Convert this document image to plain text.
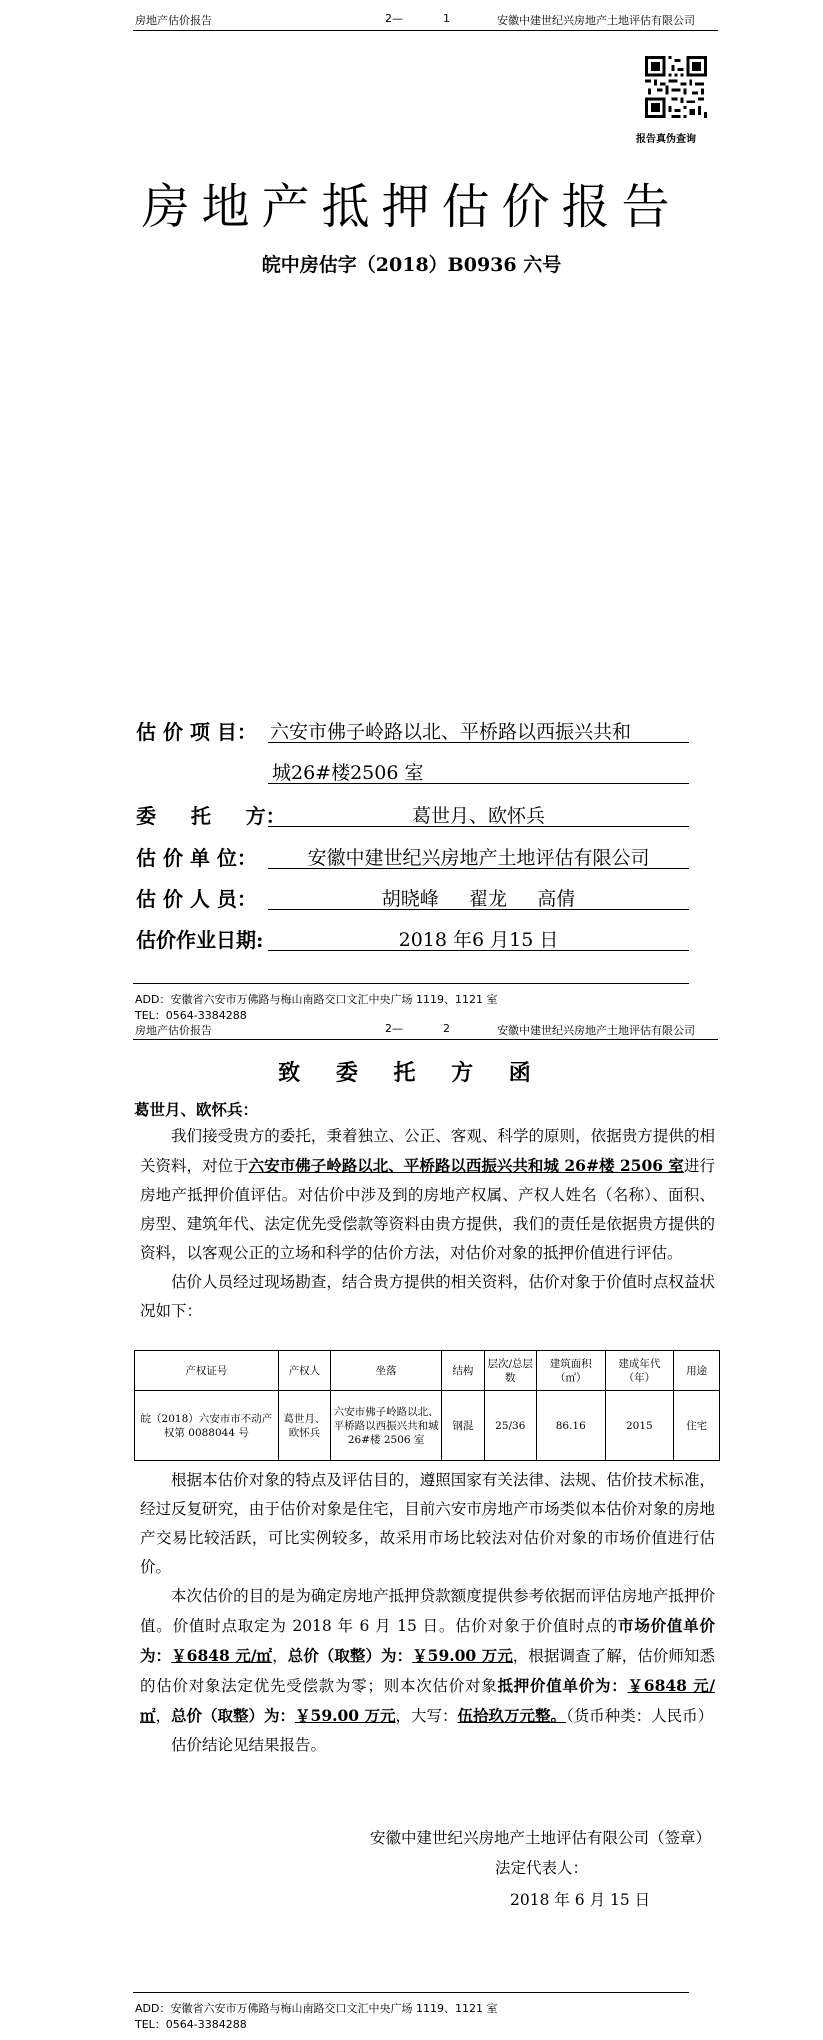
房地产估价报告	2—	1	安徽中建世纪兴房地产土地评估有限公司
报告真伪查询
房地产抵押估价报告
皖中房估字（2018）B0936 六号
估 价 项 目： 六安市佛子岭路以北、平桥路以西振兴共和
城26#楼2506 室
委     托     方：	葛世月、欧怀兵
估 价 单 位：	安徽中建世纪兴房地产土地评估有限公司
估 价 人 员：	胡晓峰     翟龙     高倩
估价作业日期:	2018 年6 月15 日
ADD：安徽省六安市万佛路与梅山南路交口文汇中央广场 1119、1121 室
TEL：0564-3384288
房地产估价报告	2—	2	安徽中建世纪兴房地产土地评估有限公司
致 委 托 方 函
葛世月、欧怀兵：

我们接受贵方的委托，秉着独立、公正、客观、科学的原则，依据贵方提供的相关资料，对位于六安市佛子岭路以北、平桥路以西振兴共和城 26#楼 2506 室进行房地产抵押价值评估。对估价中涉及到的房地产权属、产权人姓名（名称）、面积、房型、建筑年代、法定优先受偿款等资料由贵方提供，我们的责任是依据贵方提供的资料，以客观公正的立场和科学的估价方法，对估价对象的抵押价值进行评估。

估价人员经过现场勘查，结合贵方提供的相关资料，估价对象于价值时点权益状况如下：

产权证号	产权人	坐落	结构	层次/总层数	建筑面积（㎡）	建成年代（年）	用途
皖（2018）六安市市不动产权第 0088044 号	葛世月、欧怀兵	六安市佛子岭路以北、平桥路以西振兴共和城 26#楼 2506 室	钢混	25/36	86.16	2015	住宅

根据本估价对象的特点及评估目的，遵照国家有关法律、法规、估价技术标准，经过反复研究，由于估价对象是住宅，目前六安市房地产市场类似本估价对象的房地产交易比较活跃，可比实例较多，故采用市场比较法对估价对象的市场价值进行估价。

本次估价的目的是为确定房地产抵押贷款额度提供参考依据而评估房地产抵押价值。价值时点取定为 2018 年 6 月 15 日。估价对象于价值时点的市场价值单价为：￥6848 元/㎡，总价（取整）为：￥59.00 万元，根据调查了解，估价师知悉的估价对象法定优先受偿款为零；则本次估价对象抵押价值单价为：￥6848 元/㎡，总价（取整）为：￥59.00 万元，大写：伍拾玖万元整。（货币种类：人民币）

估价结论见结果报告。

安徽中建世纪兴房地产土地评估有限公司（签章）
法定代表人：
2018 年 6 月 15 日
ADD：安徽省六安市万佛路与梅山南路交口文汇中央广场 1119、1121 室
TEL：0564-3384288
